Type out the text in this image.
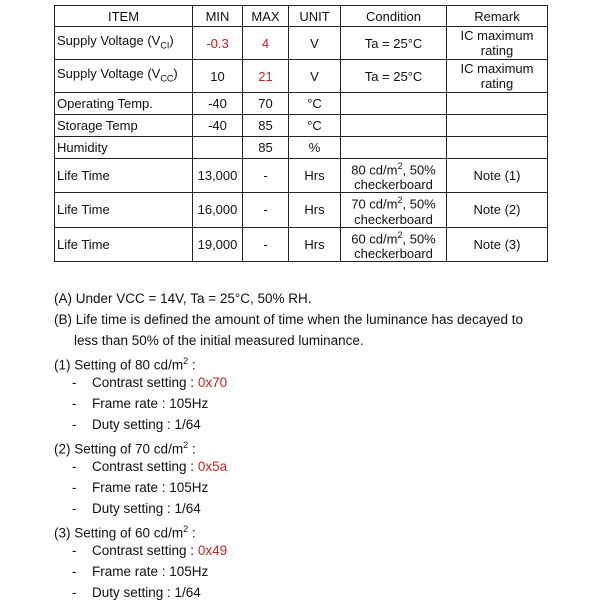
ITEM	MIN	MAX	UNIT	Condition	Remark
Supply Voltage $(V_{CI})$	-0.3	4	V	Ta = 25°C	IC maximum rating
Supply Voltage $(V_{CC})$	10	21	V	Ta = 25°C	IC maximum rating
Operating Temp.	-40	70	°C		
Storage Temp	-40	85	°C		
Humidity		85	%		
Life Time	13,000	-	Hrs	80 $cd/m^2$, 50% checkerboard	Note (1)
Life Time	16,000	-	Hrs	70 $cd/m^2$, 50% checkerboard	Note (2)
Life Time	19,000	-	Hrs	60 $cd/m^2$, 50% checkerboard	Note (3)
(A) Under VCC = 14V, Ta = 25°C, 50% RH.
(B) Life time is defined the amount of time when the luminance has decayed to
less than 50% of the initial measured luminance.
(1) Setting of 80 $cd/m^2$ :
- Contrast setting : 0x70
- Frame rate : 105Hz
- Duty setting : 1/64
(2) Setting of 70 $cd/m^2$ :
- Contrast setting : 0x5a
- Frame rate : 105Hz
- Duty setting : 1/64
(3) Setting of 60 $cd/m^2$ :
- Contrast setting : 0x49
- Frame rate : 105Hz
- Duty setting : 1/64
